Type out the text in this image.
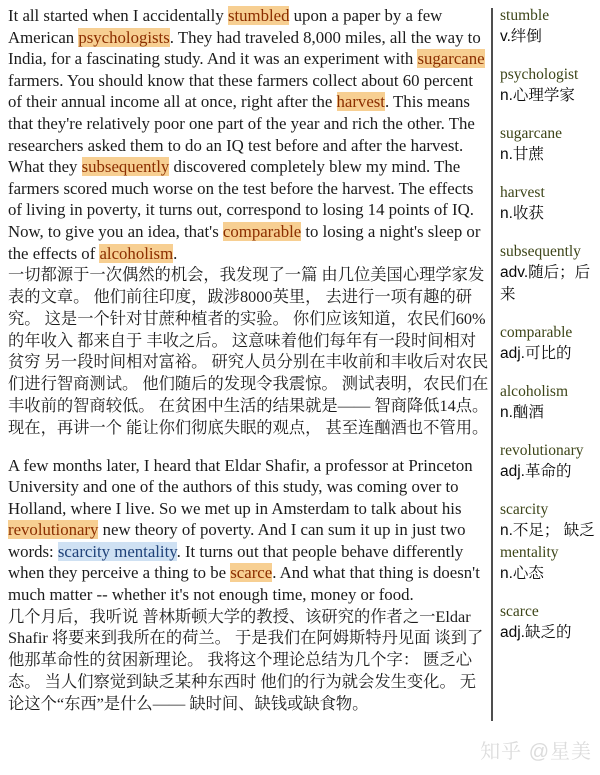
It all started when I accidentally stumbled upon a paper by a few American psychologists. They had traveled 8,000 miles, all the way to India, for a fascinating study. And it was an experiment with sugarcane farmers. You should know that these farmers collect about 60 percent of their annual income all at once, right after the harvest. This means that they're relatively poor one part of the year and rich the other. The researchers asked them to do an IQ test before and after the harvest. What they subsequently discovered completely blew my mind. The farmers scored much worse on the test before the harvest. The effects of living in poverty, it turns out, correspond to losing 14 points of IQ. Now, to give you an idea, that's comparable to losing a night's sleep or the effects of alcoholism.

一切都源于一次偶然的机会，我发现了一篇 由几位美国心理学家发表的文章。 他们前往印度，跋涉8000英里， 去进行一项有趣的研究。 这是一个针对甘蔗种植者的实验。 你们应该知道，农民们60%的年收入 都来自于 丰收之后。 这意味着他们每年有一段时间相对贫穷 另一段时间相对富裕。 研究人员分别在丰收前和丰收后对农民们进行智商测试。 他们随后的发现令我震惊。 测试表明，农民们在丰收前的智商较低。 在贫困中生活的结果就是—— 智商降低14点。 现在，再讲一个 能让你们彻底失眠的观点， 甚至连酗酒也不管用。

A few months later, I heard that Eldar Shafir, a professor at Princeton University and one of the authors of this study, was coming over to Holland, where I live. So we met up in Amsterdam to talk about his revolutionary new theory of poverty. And I can sum it up in just two words: scarcity mentality. It turns out that people behave differently when they perceive a thing to be scarce. And what that thing is doesn't much matter -- whether it's not enough time, money or food.

几个月后，我听说 普林斯顿大学的教授、该研究的作者之一Eldar Shafir 将要来到我所在的荷兰。 于是我们在阿姆斯特丹见面 谈到了他那革命性的贫困新理论。 我将这个理论总结为几个字： 匮乏心态。 当人们察觉到缺乏某种东西时 他们的行为就会发生变化。 无论这个“东西”是什么—— 缺时间、缺钱或缺食物。

stumble
v.绊倒
psychologist
n.心理学家
sugarcane
n.甘蔗
harvest
n.收获
subsequently
adv.随后；后来
comparable
adj.可比的
alcoholism
n.酗酒
revolutionary
adj.革命的
scarcity
n.不足； 缺乏
mentality
n.心态
scarce
adj.缺乏的
知乎 @星美
